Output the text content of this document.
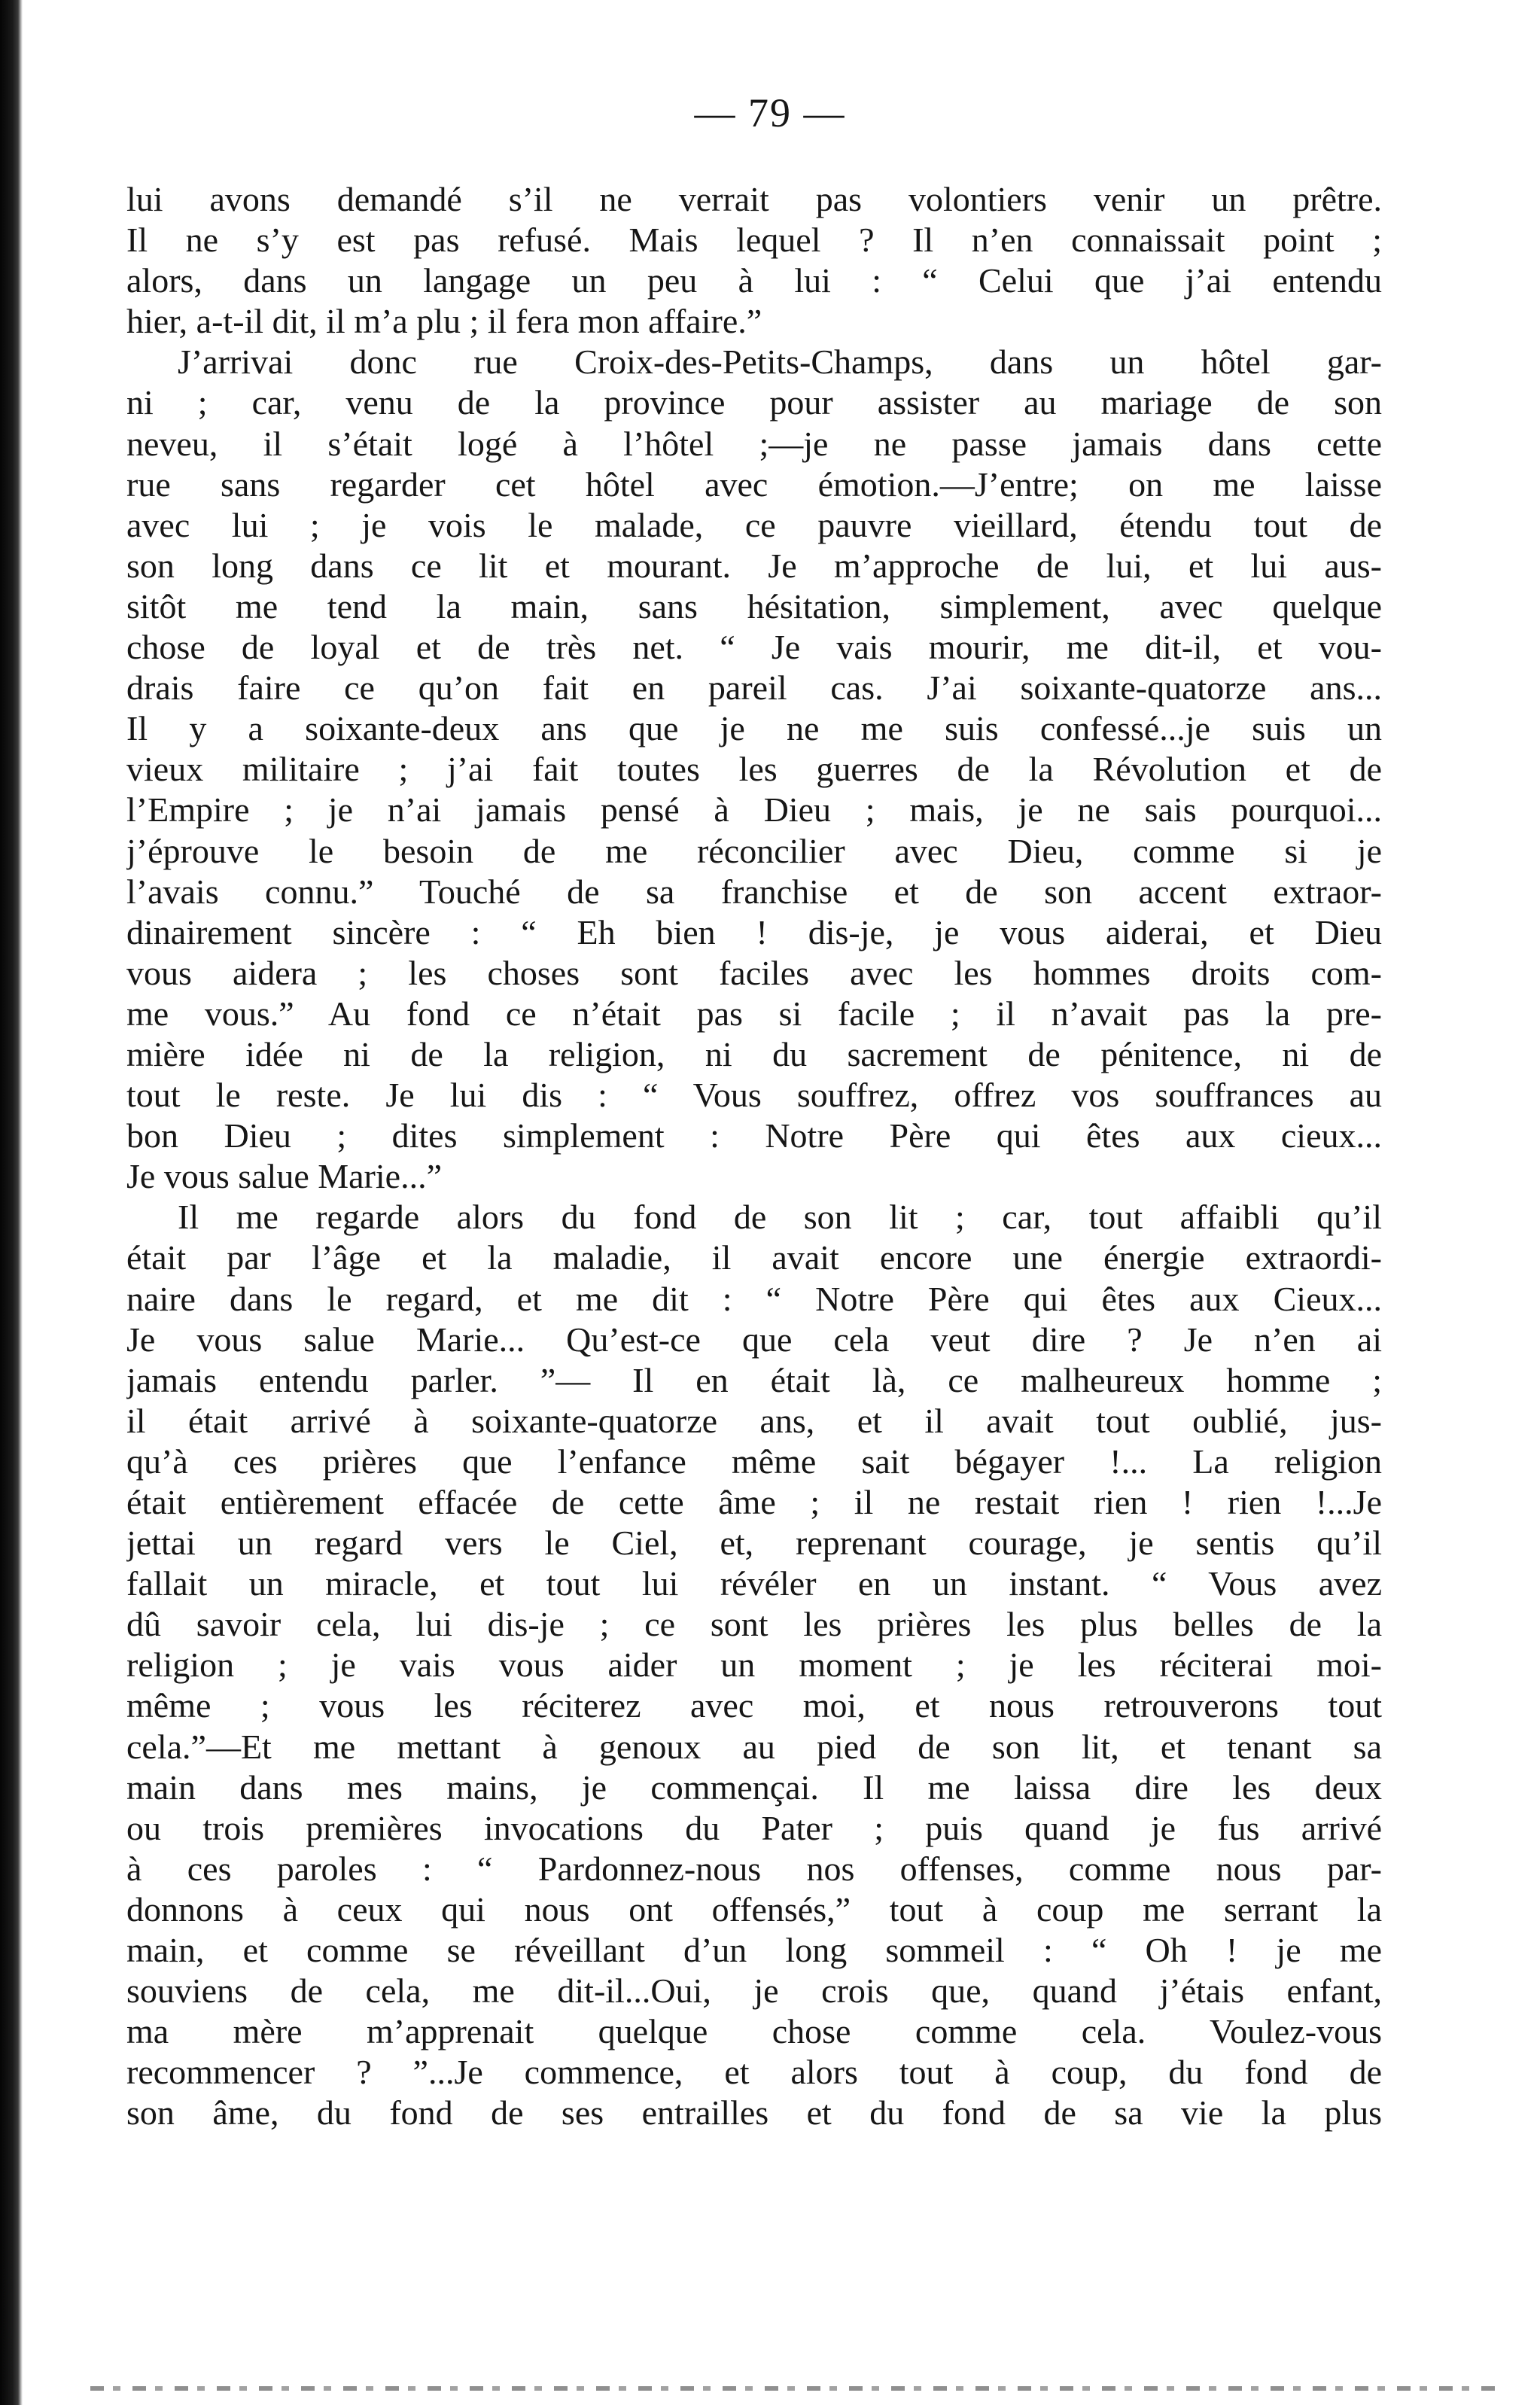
— 79 —
lui avons demandé s’il ne verrait pas volontiers venir un prêtre.
Il ne s’y est pas refusé. Mais lequel ? Il n’en connaissait point ;
alors, dans un langage un peu à lui : “ Celui que j’ai entendu
hier, a-t-il dit, il m’a plu ; il fera mon affaire.”
J’arrivai donc rue Croix-des-Petits-Champs, dans un hôtel gar-
ni ; car, venu de la province pour assister au mariage de son
neveu, il s’était logé à l’hôtel ;—je ne passe jamais dans cette
rue sans regarder cet hôtel avec émotion.—J’entre; on me laisse
avec lui ; je vois le malade, ce pauvre vieillard, étendu tout de
son long dans ce lit et mourant. Je m’approche de lui, et lui aus-
sitôt me tend la main, sans hésitation, simplement, avec quelque
chose de loyal et de très net. “ Je vais mourir, me dit-il, et vou-
drais faire ce qu’on fait en pareil cas. J’ai soixante-quatorze ans...
Il y a soixante-deux ans que je ne me suis confessé...je suis un
vieux militaire ; j’ai fait toutes les guerres de la Révolution et de
l’Empire ; je n’ai jamais pensé à Dieu ; mais, je ne sais pourquoi...
j’éprouve le besoin de me réconcilier avec Dieu, comme si je
l’avais connu.” Touché de sa franchise et de son accent extraor-
dinairement sincère : “ Eh bien ! dis-je, je vous aiderai, et Dieu
vous aidera ; les choses sont faciles avec les hommes droits com-
me vous.” Au fond ce n’était pas si facile ; il n’avait pas la pre-
mière idée ni de la religion, ni du sacrement de pénitence, ni de
tout le reste. Je lui dis : “ Vous souffrez, offrez vos souffrances au
bon Dieu ; dites simplement : Notre Père qui êtes aux cieux...
Je vous salue Marie...”
Il me regarde alors du fond de son lit ; car, tout affaibli qu’il
était par l’âge et la maladie, il avait encore une énergie extraordi-
naire dans le regard, et me dit : “ Notre Père qui êtes aux Cieux...
Je vous salue Marie... Qu’est-ce que cela veut dire ? Je n’en ai
jamais entendu parler. ”— Il en était là, ce malheureux homme ;
il était arrivé à soixante-quatorze ans, et il avait tout oublié, jus-
qu’à ces prières que l’enfance même sait bégayer !... La religion
était entièrement effacée de cette âme ; il ne restait rien ! rien !...Je
jettai un regard vers le Ciel, et, reprenant courage, je sentis qu’il
fallait un miracle, et tout lui révéler en un instant. “ Vous avez
dû savoir cela, lui dis-je ; ce sont les prières les plus belles de la
religion ; je vais vous aider un moment ; je les réciterai moi-
même ; vous les réciterez avec moi, et nous retrouverons tout
cela.”—Et me mettant à genoux au pied de son lit, et tenant sa
main dans mes mains, je commençai. Il me laissa dire les deux
ou trois premières invocations du Pater ; puis quand je fus arrivé
à ces paroles : “ Pardonnez-nous nos offenses, comme nous par-
donnons à ceux qui nous ont offensés,” tout à coup me serrant la
main, et comme se réveillant d’un long sommeil : “ Oh ! je me
souviens de cela, me dit-il...Oui, je crois que, quand j’étais enfant,
ma mère m’apprenait quelque chose comme cela. Voulez-vous
recommencer ? ”...Je commence, et alors tout à coup, du fond de
son âme, du fond de ses entrailles et du fond de sa vie la plus
